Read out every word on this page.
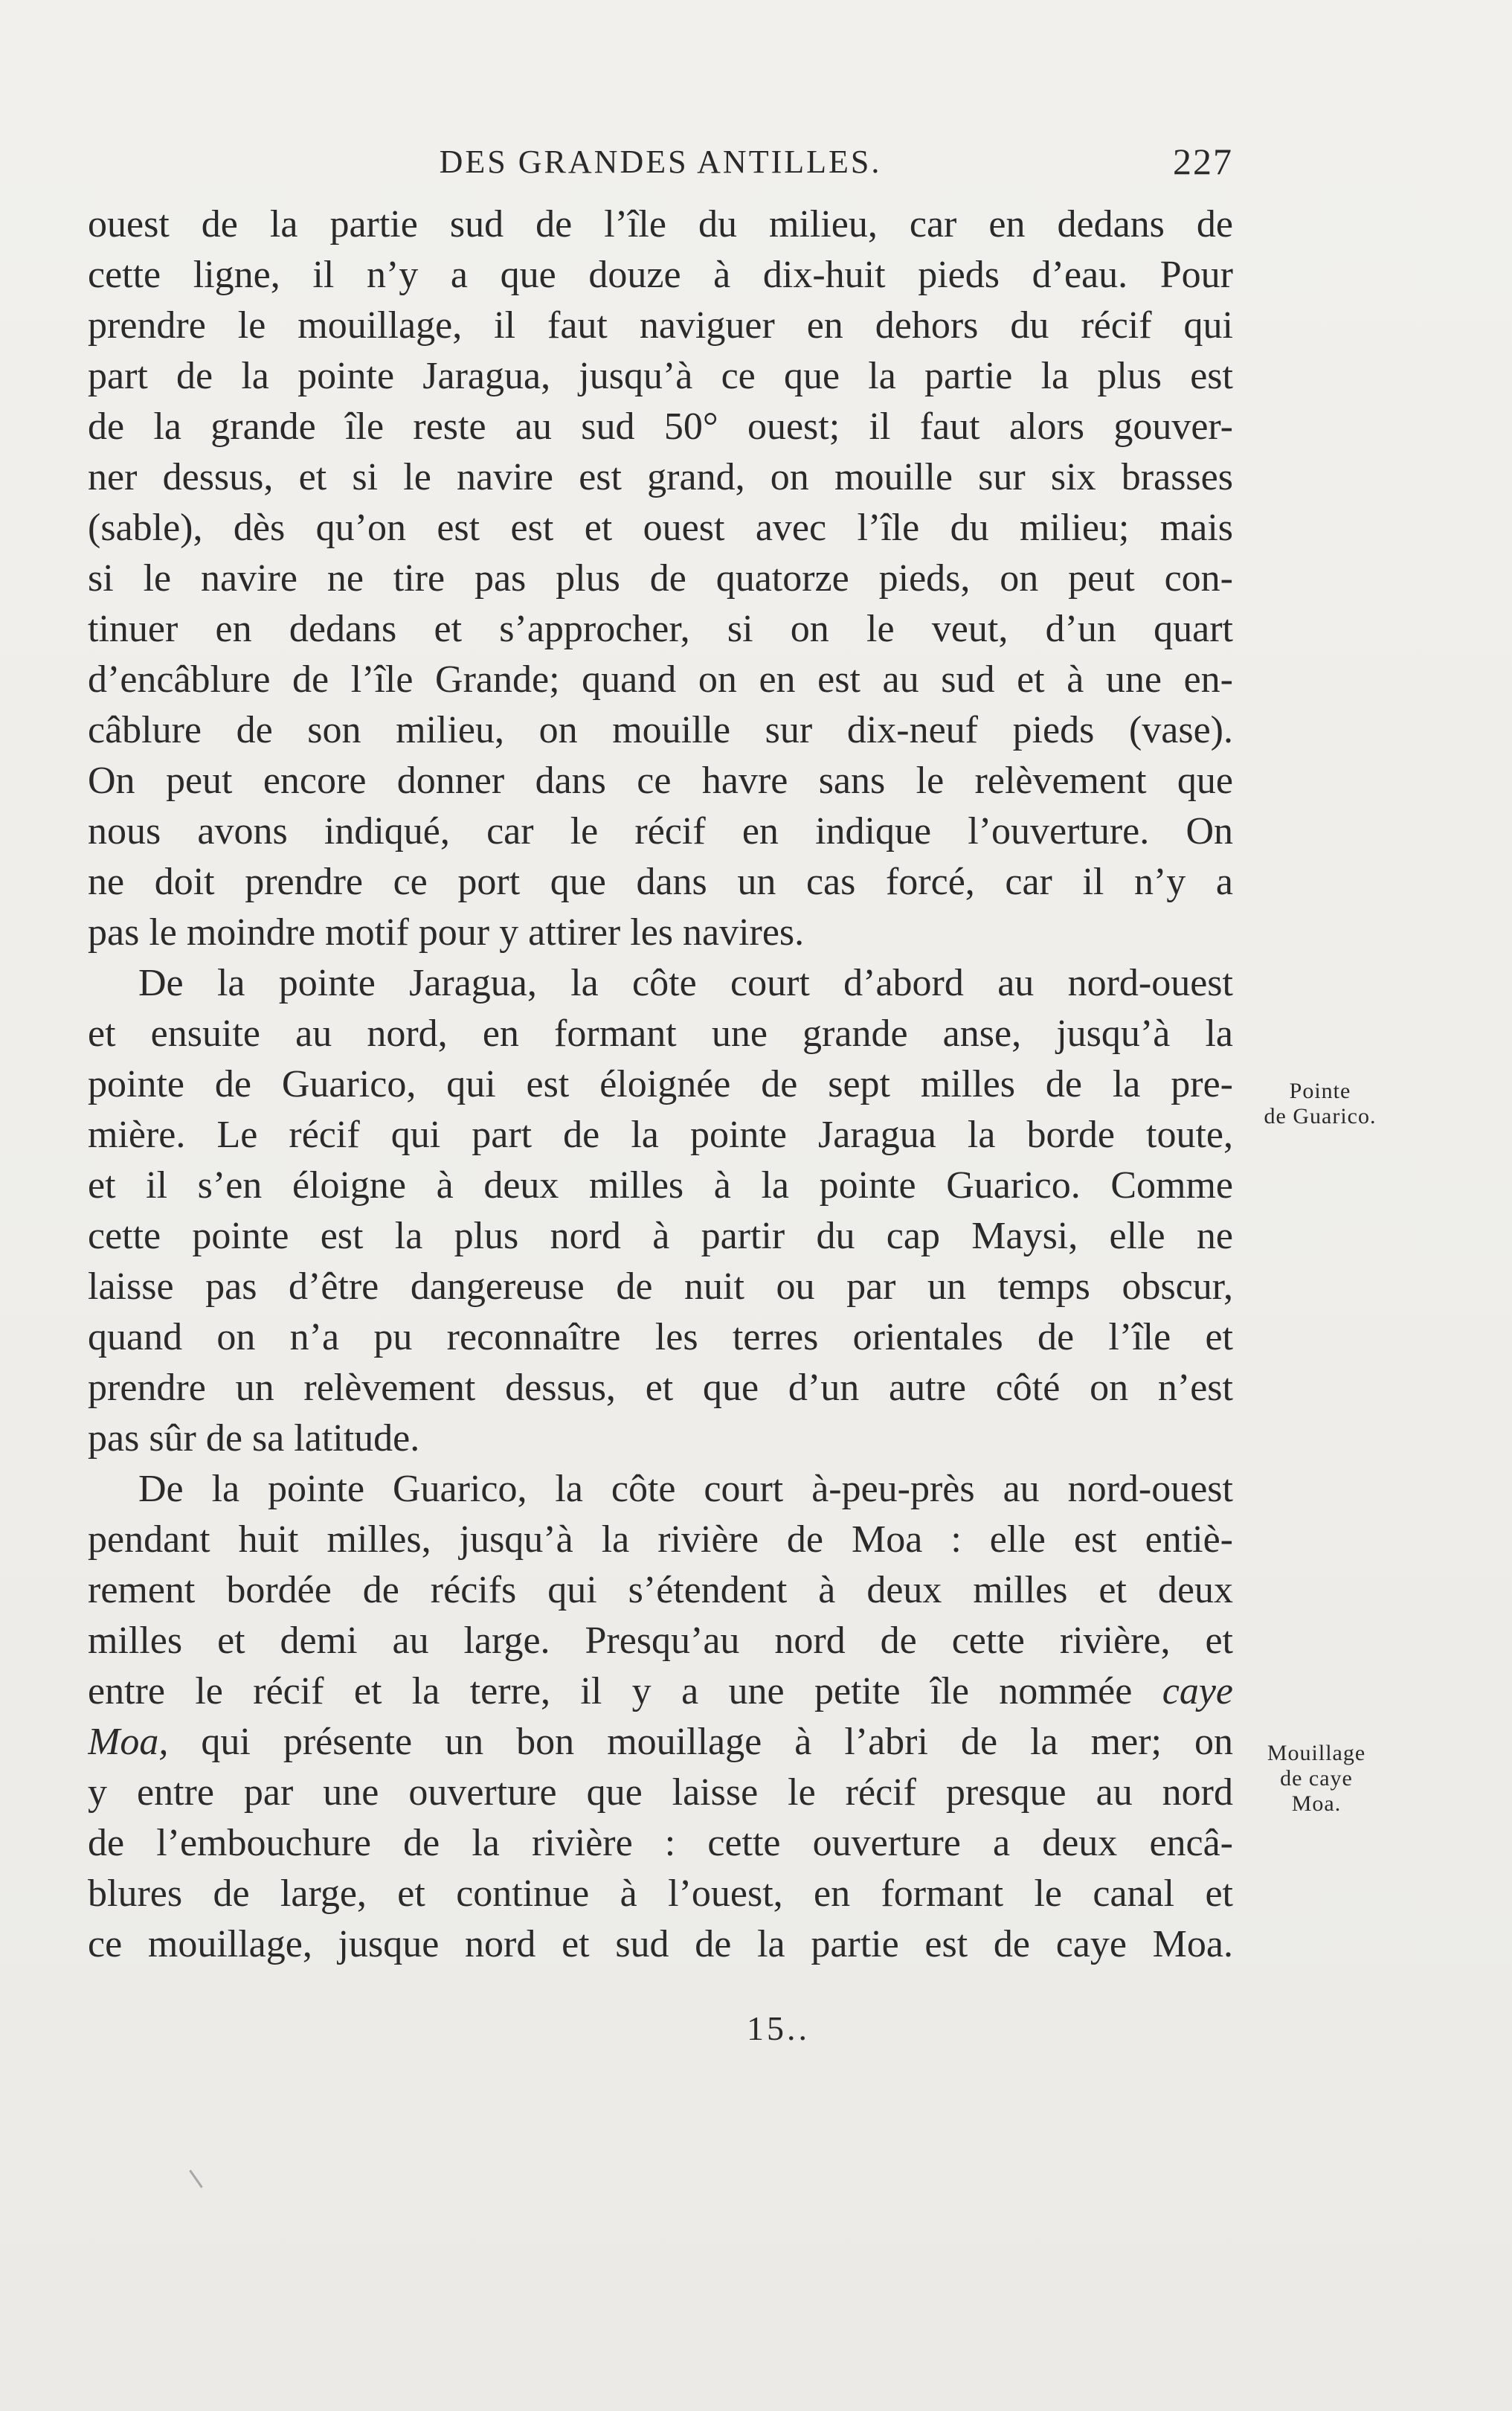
DES GRANDES ANTILLES.	227
ouest de la partie sud de l’île du milieu, car en dedans de
cette ligne, il n’y a que douze à dix-huit pieds d’eau. Pour
prendre le mouillage, il faut naviguer en dehors du récif qui
part de la pointe Jaragua, jusqu’à ce que la partie la plus est
de la grande île reste au sud 50° ouest; il faut alors gouver-
ner dessus, et si le navire est grand, on mouille sur six brasses
(sable), dès qu’on est est et ouest avec l’île du milieu; mais
si le navire ne tire pas plus de quatorze pieds, on peut con-
tinuer en dedans et s’approcher, si on le veut, d’un quart
d’encâblure de l’île Grande; quand on en est au sud et à une en-
câblure de son milieu, on mouille sur dix-neuf pieds (vase).
On peut encore donner dans ce havre sans le relèvement que
nous avons indiqué, car le récif en indique l’ouverture. On
ne doit prendre ce port que dans un cas forcé, car il n’y a
pas le moindre motif pour y attirer les navires.
De la pointe Jaragua, la côte court d’abord au nord-ouest
et ensuite au nord, en formant une grande anse, jusqu’à la
pointe de Guarico, qui est éloignée de sept milles de la pre-
mière. Le récif qui part de la pointe Jaragua la borde toute,
et il s’en éloigne à deux milles à la pointe Guarico. Comme
cette pointe est la plus nord à partir du cap Maysi, elle ne
laisse pas d’être dangereuse de nuit ou par un temps obscur,
quand on n’a pu reconnaître les terres orientales de l’île et
prendre un relèvement dessus, et que d’un autre côté on n’est
pas sûr de sa latitude.
De la pointe Guarico, la côte court à-peu-près au nord-ouest
pendant huit milles, jusqu’à la rivière de Moa : elle est entiè-
rement bordée de récifs qui s’étendent à deux milles et deux
milles et demi au large. Presqu’au nord de cette rivière, et
entre le récif et la terre, il y a une petite île nommée caye
Moa, qui présente un bon mouillage à l’abri de la mer; on
y entre par une ouverture que laisse le récif presque au nord
de l’embouchure de la rivière : cette ouverture a deux encâ-
blures de large, et continue à l’ouest, en formant le canal et
ce mouillage, jusque nord et sud de la partie est de caye Moa.
Pointe
de Guarico.
Mouillage
de caye
Moa.
15..
